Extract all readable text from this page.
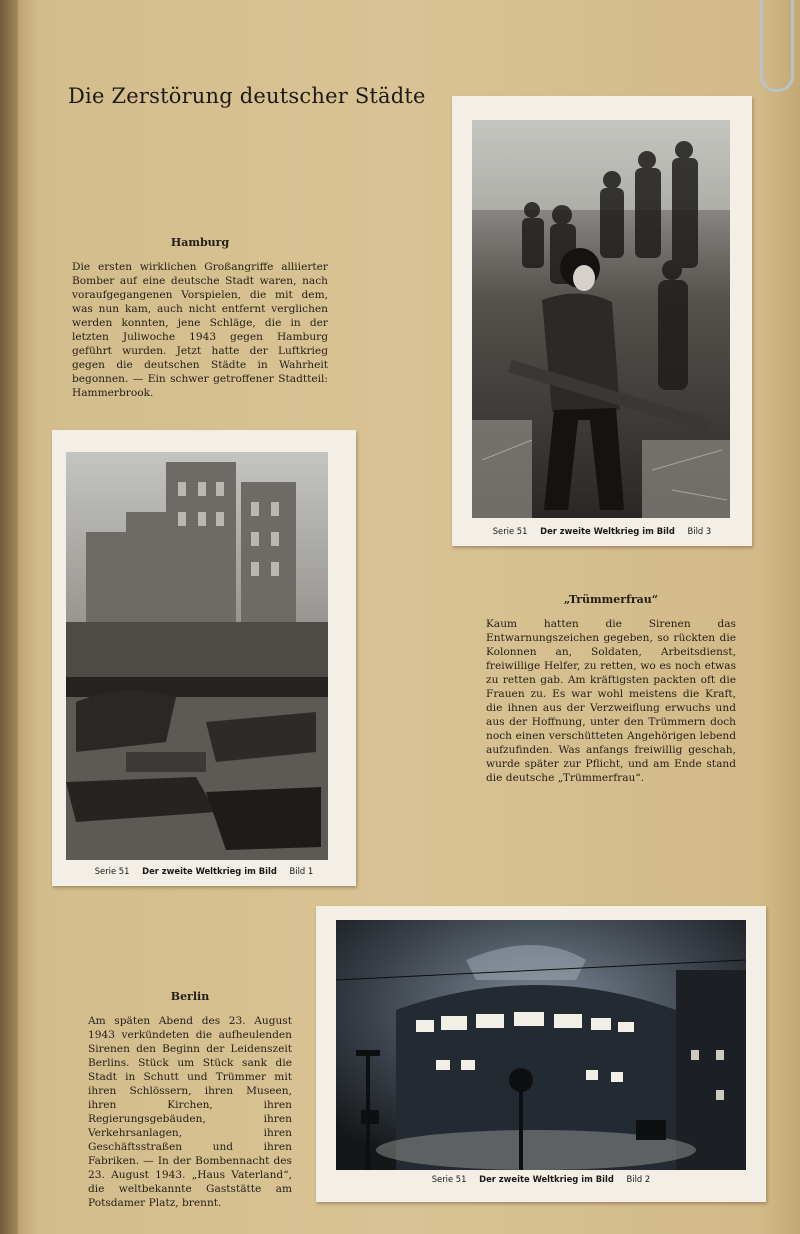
Die Zerstörung deutscher Städte
Hamburg
Die ersten wirklichen Großangriffe alliierter Bomber auf eine deutsche Stadt waren, nach voraufgegangenen Vorspielen, die mit dem, was nun kam, auch nicht entfernt verglichen werden konnten, jene Schläge, die in der letzten Juliwoche 1943 gegen Hamburg geführt wurden. Jetzt hatte der Luftkrieg gegen die deutschen Städte in Wahrheit begonnen. — Ein schwer getroffener Stadtteil: Hammerbrook.
Serie 51 Der zweite Weltkrieg im Bild Bild 3
Serie 51 Der zweite Weltkrieg im Bild Bild 1
„Trümmerfrau“
Kaum hatten die Sirenen das Entwarnungszeichen gegeben, so rückten die Kolonnen an, Soldaten, Arbeitsdienst, freiwillige Helfer, zu retten, wo es noch etwas zu retten gab. Am kräftigsten packten oft die Frauen zu. Es war wohl meistens die Kraft, die ihnen aus der Verzweiflung erwuchs und aus der Hoffnung, unter den Trümmern doch noch einen verschütteten Angehörigen lebend aufzufinden. Was anfangs freiwillig geschah, wurde später zur Pflicht, und am Ende stand die deutsche „Trümmerfrau“.
Berlin
Am späten Abend des 23. August 1943 verkündeten die aufheulenden Sirenen den Beginn der Leidenszeit Berlins. Stück um Stück sank die Stadt in Schutt und Trümmer mit ihren Schlössern, ihren Museen, ihren Kirchen, ihren Regierungsgebäuden, ihren Verkehrsanlagen, ihren Geschäftsstraßen und ihren Fabriken. — In der Bombennacht des 23. August 1943. „Haus Vaterland“, die weltbekannte Gaststätte am Potsdamer Platz, brennt.
Serie 51 Der zweite Weltkrieg im Bild Bild 2
